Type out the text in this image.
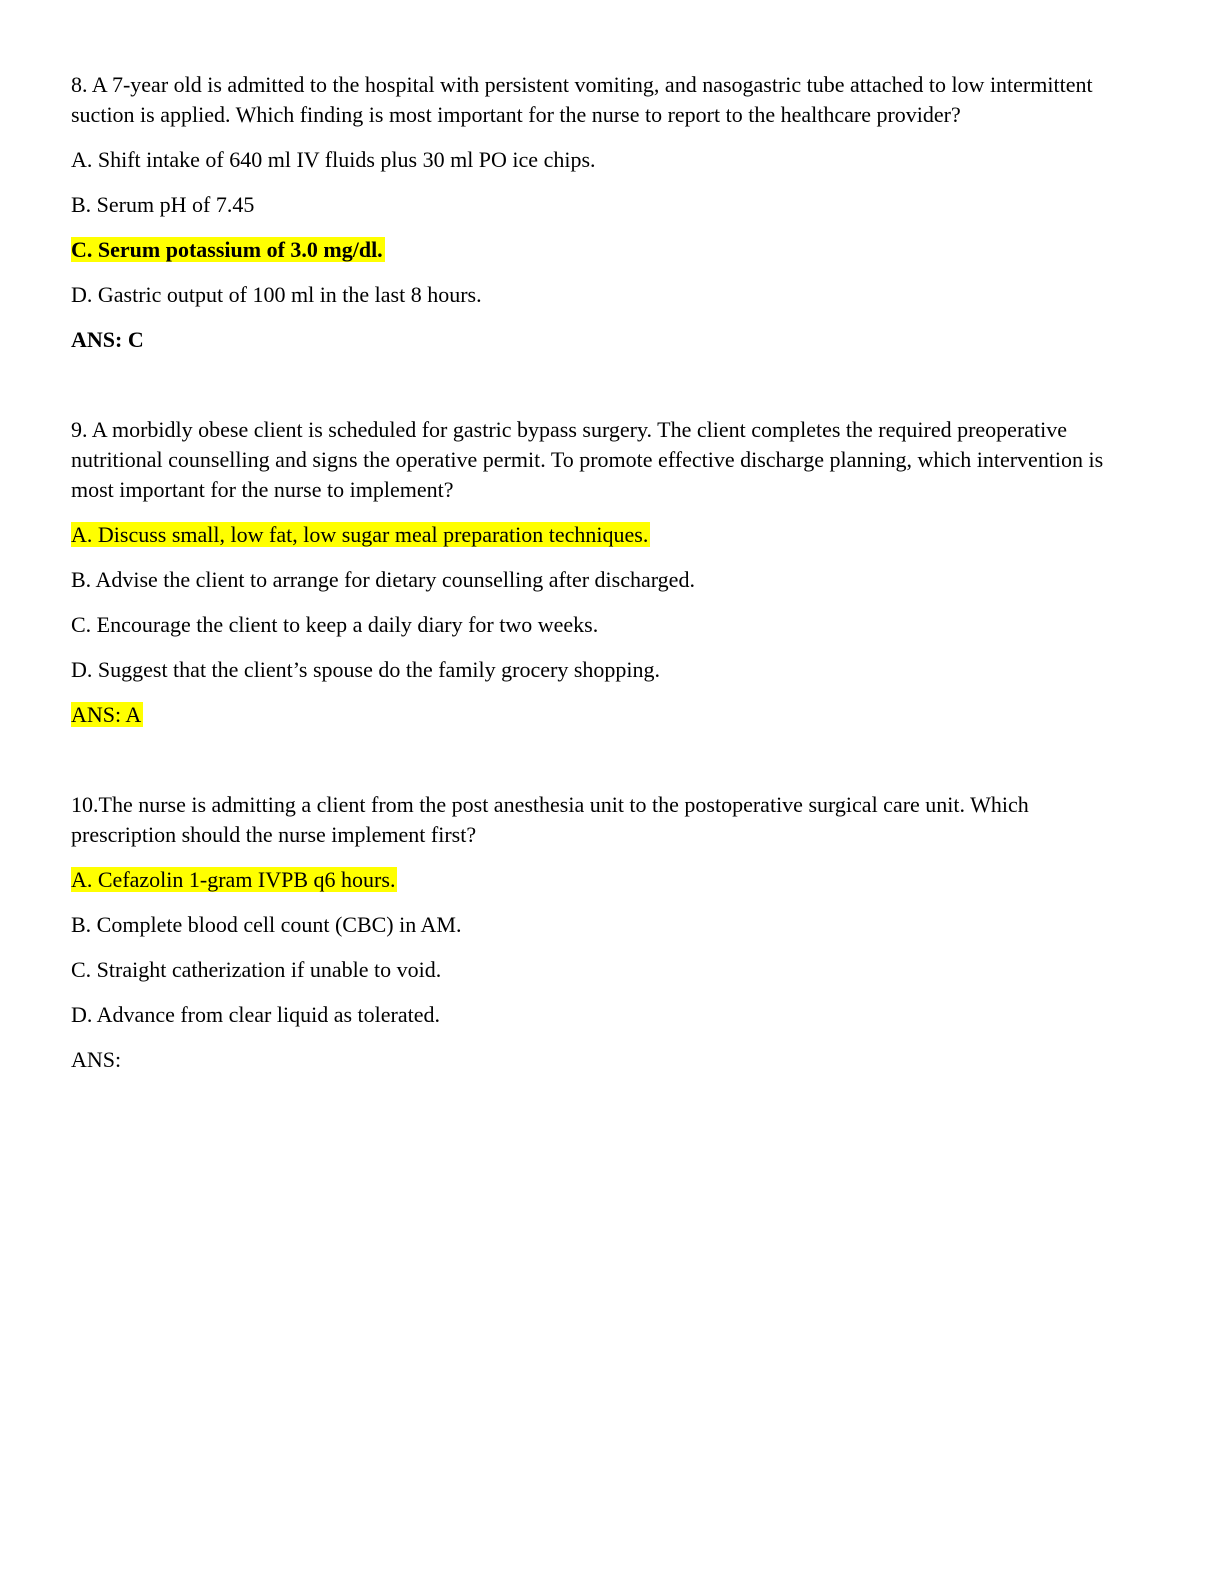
8. A 7-year old is admitted to the hospital with persistent vomiting, and nasogastric tube attached to low intermittent suction is applied. Which finding is most important for the nurse to report to the healthcare provider?

A. Shift intake of 640 ml IV fluids plus 30 ml PO ice chips.

B. Serum pH of 7.45

C. Serum potassium of 3.0 mg/dl.

D. Gastric output of 100 ml in the last 8 hours.

ANS: C

9. A morbidly obese client is scheduled for gastric bypass surgery. The client completes the required preoperative nutritional counselling and signs the operative permit. To promote effective discharge planning, which intervention is most important for the nurse to implement?

A. Discuss small, low fat, low sugar meal preparation techniques.

B. Advise the client to arrange for dietary counselling after discharged.

C. Encourage the client to keep a daily diary for two weeks.

D. Suggest that the client’s spouse do the family grocery shopping.

ANS: A

10.The nurse is admitting a client from the post anesthesia unit to the postoperative surgical care unit. Which prescription should the nurse implement first?

A. Cefazolin 1-gram IVPB q6 hours.

B. Complete blood cell count (CBC) in AM.

C. Straight catherization if unable to void.

D. Advance from clear liquid as tolerated.

ANS:
